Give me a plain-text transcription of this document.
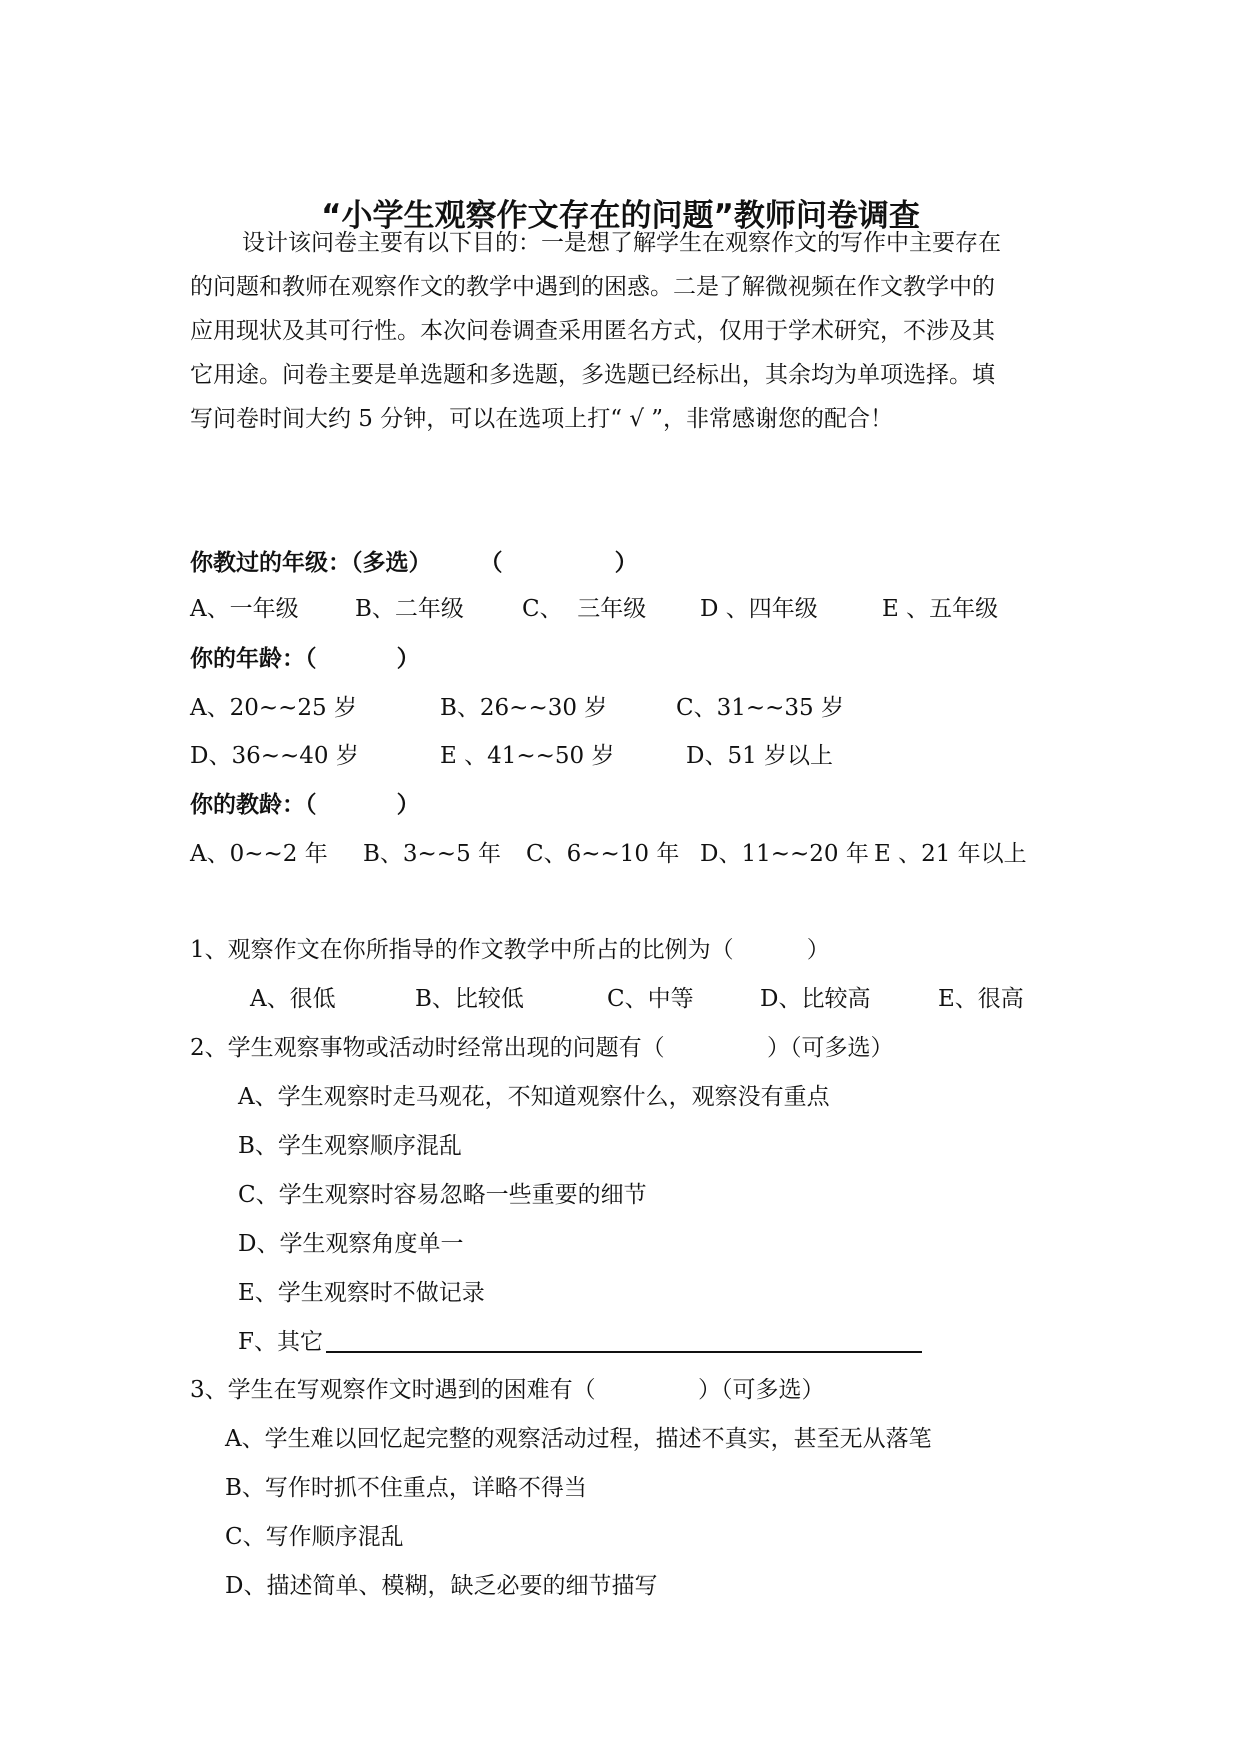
“小学生观察作文存在的问题”教师问卷调查
设计该问卷主要有以下目的：一是想了解学生在观察作文的写作中主要存在
的问题和教师在观察作文的教学中遇到的困惑。二是了解微视频在作文教学中的
应用现状及其可行性。本次问卷调查采用匿名方式，仅用于学术研究，不涉及其
它用途。问卷主要是单选题和多选题，多选题已经标出，其余均为单项选择。填
写问卷时间大约 5 分钟，可以在选项上打“ √ ”，非常感谢您的配合！
你教过的年级：（多选）      （              ）
A、一年级 B、二年级	C、  三年级 D 、四年级	E 、五年级
你的年龄：（          ）
A、20~~25 岁	B、26~~30 岁	C、31~~35 岁
D、36~~40 岁	E 、41~~50 岁	D、51 岁以上
你的教龄：（          ）
A、0~~2 年 B、3~~5 年 C、6~~10 年 D、11~~20 年 E 、21 年以上
1、观察作文在你所指导的作文教学中所占的比例为（          ）
A、很低	B、比较低	C、中等	D、比较高	E、很高
2、学生观察事物或活动时经常出现的问题有（              ）（可多选）
A、学生观察时走马观花，不知道观察什么，观察没有重点
B、学生观察顺序混乱
C、学生观察时容易忽略一些重要的细节
D、学生观察角度单一
E、学生观察时不做记录
F、其它
3、学生在写观察作文时遇到的困难有（              ）（可多选）
A、学生难以回忆起完整的观察活动过程，描述不真实，甚至无从落笔
B、写作时抓不住重点，详略不得当
C、写作顺序混乱
D、描述简单、模糊，缺乏必要的细节描写
